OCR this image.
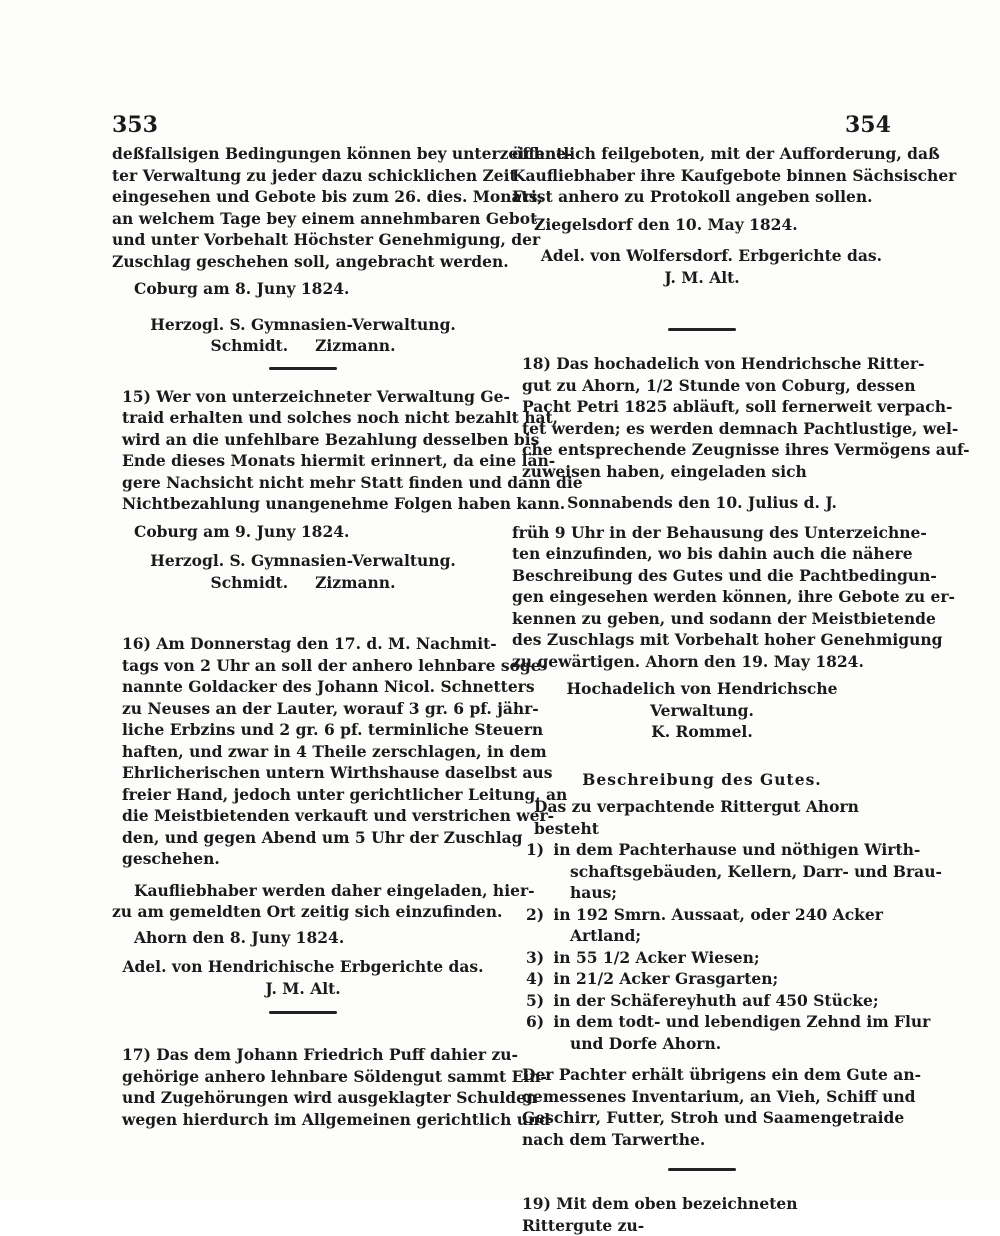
353	354

deßfallsigen Bedingungen können bey unterzeichne-
ter Verwaltung zu jeder dazu schicklichen Zeit
eingesehen und Gebote bis zum 26. dies. Monats,
an welchem Tage bey einem annehmbaren Gebot
und unter Vorbehalt Höchster Genehmigung, der
Zuschlag geschehen soll, angebracht werden.

Coburg am 8. Juny 1824.

Herzogl. S. Gymnasien-Verwaltung.

Schmidt.     Zizmann.

15) Wer von unterzeichneter Verwaltung Ge-
traid erhalten und solches noch nicht bezahlt hat,
wird an die unfehlbare Bezahlung desselben bis
Ende dieses Monats hiermit erinnert, da eine län-
gere Nachsicht nicht mehr Statt finden und dann die
Nichtbezahlung unangenehme Folgen haben kann.

Coburg am 9. Juny 1824.

Herzogl. S. Gymnasien-Verwaltung.

Schmidt.     Zizmann.

16) Am Donnerstag den 17. d. M. Nachmit-
tags von 2 Uhr an soll der anhero lehnbare soge-
nannte Goldacker des Johann Nicol. Schnetters
zu Neuses an der Lauter, worauf 3 gr. 6 pf. jähr-
liche Erbzins und 2 gr. 6 pf. terminliche Steuern
haften, und zwar in 4 Theile zerschlagen, in dem
Ehrlicherischen untern Wirthshause daselbst aus
freier Hand, jedoch unter gerichtlicher Leitung, an
die Meistbietenden verkauft und verstrichen wer-
den, und gegen Abend um 5 Uhr der Zuschlag
geschehen.

Kaufliebhaber werden daher eingeladen, hier-
zu am gemeldten Ort zeitig sich einzufinden.

Ahorn den 8. Juny 1824.

Adel. von Hendrichische Erbgerichte das.

J. M. Alt.

17) Das dem Johann Friedrich Puff dahier zu-
gehörige anhero lehnbare Söldengut sammt Ein-
und Zugehörungen wird ausgeklagter Schulden
wegen hierdurch im Allgemeinen gerichtlich und

öffentlich feilgeboten, mit der Aufforderung, daß
Kaufliebhaber ihre Kaufgebote binnen Sächsischer
Frist anhero zu Protokoll angeben sollen.

Ziegelsdorf den 10. May 1824.

Adel. von Wolfersdorf. Erbgerichte das.

J. M. Alt.

18) Das hochadelich von Hendrichsche Ritter-
gut zu Ahorn, 1/2 Stunde von Coburg, dessen
Pacht Petri 1825 abläuft, soll fernerweit verpach-
tet werden; es werden demnach Pachtlustige, wel-
che entsprechende Zeugnisse ihres Vermögens auf-
zuweisen haben, eingeladen sich

Sonnabends den 10. Julius d. J.

früh 9 Uhr in der Behausung des Unterzeichne-
ten einzufinden, wo bis dahin auch die nähere
Beschreibung des Gutes und die Pachtbedingun-
gen eingesehen werden können, ihre Gebote zu er-
kennen zu geben, und sodann der Meistbietende
des Zuschlags mit Vorbehalt hoher Genehmigung
zu gewärtigen. Ahorn den 19. May 1824.

Hochadelich von Hendrichsche Verwaltung.

K. Rommel.

Beschreibung des Gutes.

Das zu verpachtende Rittergut Ahorn besteht

1) in dem Pachterhause und nöthigen Wirth-
schaftsgebäuden, Kellern, Darr- und Brau-
haus;
2) in 192 Smrn. Aussaat, oder 240 Acker
Artland;
3) in 55 1/2 Acker Wiesen;
4) in 21/2 Acker Grasgarten;
5) in der Schäfereyhuth auf 450 Stücke;
6) in dem todt- und lebendigen Zehnd im Flur
und Dorfe Ahorn.

Der Pachter erhält übrigens ein dem Gute an-
gemessenes Inventarium, an Vieh, Schiff und
Geschirr, Futter, Stroh und Saamengetraide
nach dem Tarwerthe.

19) Mit dem oben bezeichneten Rittergute zu-
